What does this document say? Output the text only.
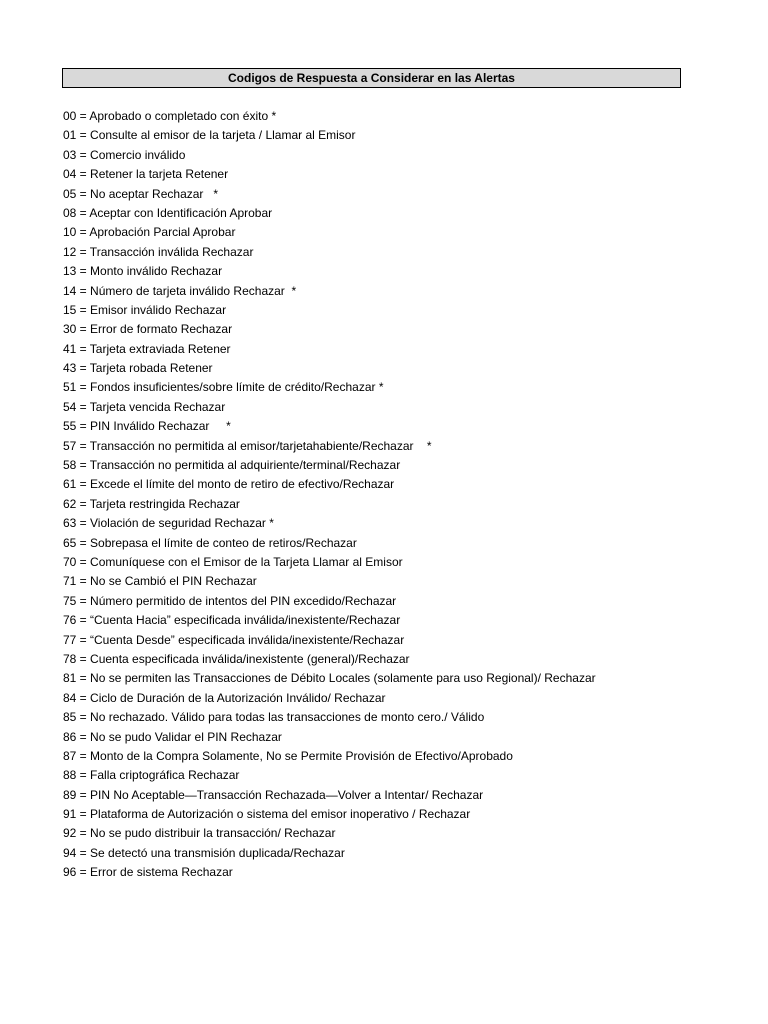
Codigos de Respuesta a Considerar en las Alertas
00 = Aprobado o completado con éxito *
01 = Consulte al emisor de la tarjeta / Llamar al Emisor
03 = Comercio inválido
04 = Retener la tarjeta Retener
05 = No aceptar Rechazar   *
08 = Aceptar con Identificación Aprobar
10 = Aprobación Parcial Aprobar
12 = Transacción inválida Rechazar
13 = Monto inválido Rechazar
14 = Número de tarjeta inválido Rechazar  *
15 = Emisor inválido Rechazar
30 = Error de formato Rechazar
41 = Tarjeta extraviada Retener
43 = Tarjeta robada Retener
51 = Fondos insuficientes/sobre límite de crédito/Rechazar *
54 = Tarjeta vencida Rechazar
55 = PIN Inválido Rechazar     *
57 = Transacción no permitida al emisor/tarjetahabiente/Rechazar    *
58 = Transacción no permitida al adquiriente/terminal/Rechazar
61 = Excede el límite del monto de retiro de efectivo/Rechazar
62 = Tarjeta restringida Rechazar
63 = Violación de seguridad Rechazar *
65 = Sobrepasa el límite de conteo de retiros/Rechazar
70 = Comuníquese con el Emisor de la Tarjeta Llamar al Emisor
71 = No se Cambió el PIN Rechazar
75 = Número permitido de intentos del PIN excedido/Rechazar
76 = “Cuenta Hacia” especificada inválida/inexistente/Rechazar
77 = “Cuenta Desde” especificada inválida/inexistente/Rechazar
78 = Cuenta especificada inválida/inexistente (general)/Rechazar
81 = No se permiten las Transacciones de Débito Locales (solamente para uso Regional)/ Rechazar
84 = Ciclo de Duración de la Autorización Inválido/ Rechazar
85 = No rechazado. Válido para todas las transacciones de monto cero./ Válido
86 = No se pudo Validar el PIN Rechazar
87 = Monto de la Compra Solamente, No se Permite Provisión de Efectivo/Aprobado
88 = Falla criptográfica Rechazar
89 = PIN No Aceptable—Transacción Rechazada—Volver a Intentar/ Rechazar
91 = Plataforma de Autorización o sistema del emisor inoperativo / Rechazar
92 = No se pudo distribuir la transacción/ Rechazar
94 = Se detectó una transmisión duplicada/Rechazar
96 = Error de sistema Rechazar
